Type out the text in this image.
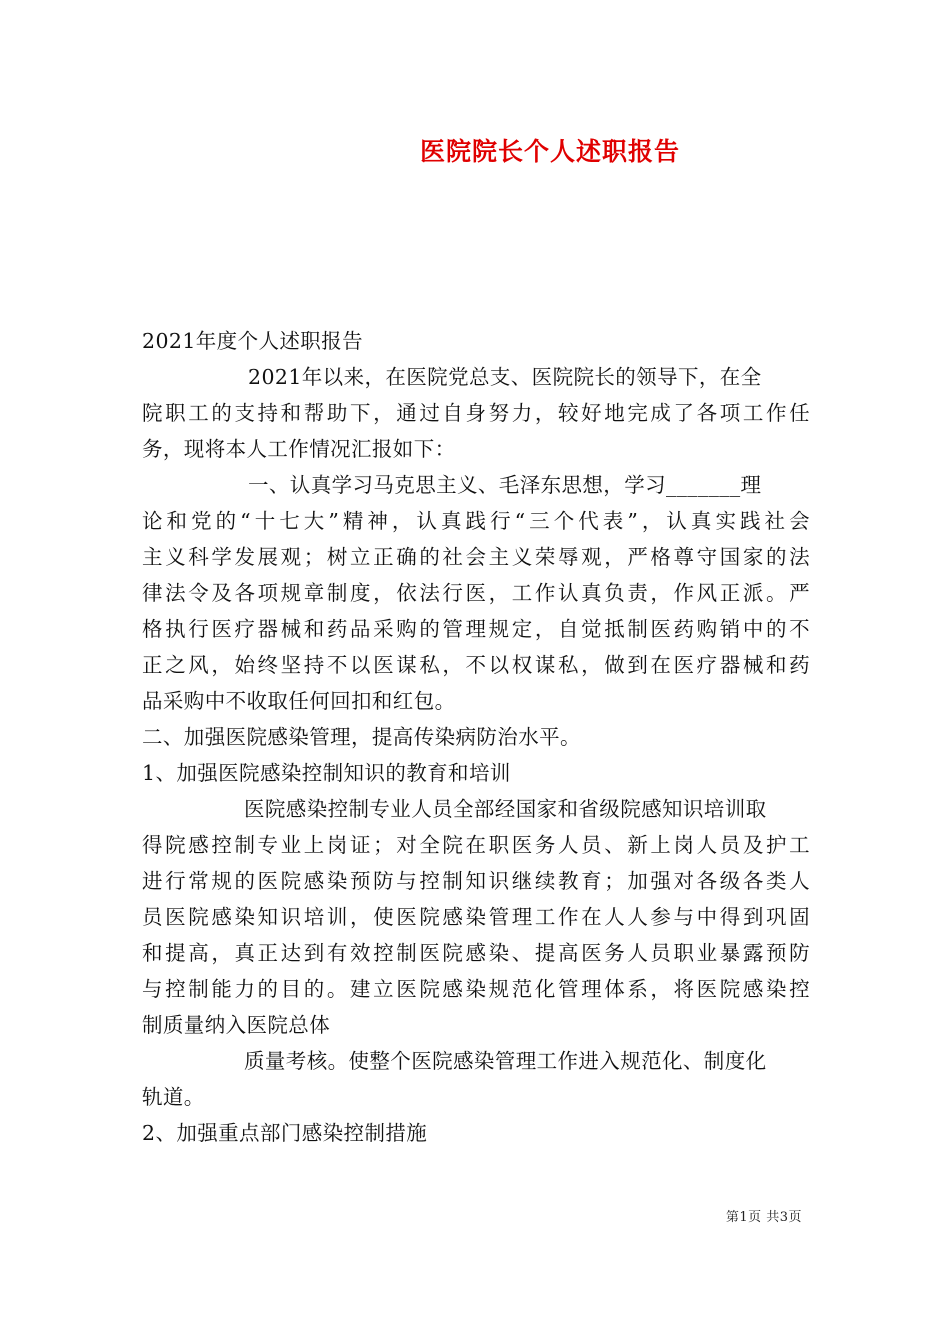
医院院长个人述职报告

2021年度个人述职报告

2021年以来，在医院党总支、医院院长的领导下，在全
院职工的支持和帮助下，通过自身努力，较好地完成了各项工作任
务，现将本人工作情况汇报如下：

一、认真学习马克思主义、毛泽东思想，学习_______理
论和党的“十七大”精神，认真践行“三个代表”，认真实践社会
主义科学发展观；树立正确的社会主义荣辱观，严格尊守国家的法
律法令及各项规章制度，依法行医，工作认真负责，作风正派。严
格执行医疗器械和药品采购的管理规定，自觉抵制医药购销中的不
正之风，始终坚持不以医谋私，不以权谋私，做到在医疗器械和药
品采购中不收取任何回扣和红包。

二、加强医院感染管理，提高传染病防治水平。

1、加强医院感染控制知识的教育和培训

医院感染控制专业人员全部经国家和省级院感知识培训取
得院感控制专业上岗证；对全院在职医务人员、新上岗人员及护工
进行常规的医院感染预防与控制知识继续教育；加强对各级各类人
员医院感染知识培训，使医院感染管理工作在人人参与中得到巩固
和提高，真正达到有效控制医院感染、提高医务人员职业暴露预防
与控制能力的目的。建立医院感染规范化管理体系，将医院感染控
制质量纳入医院总体

质量考核。使整个医院感染管理工作进入规范化、制度化
轨道。

2、加强重点部门感染控制措施

第1页 共3页
